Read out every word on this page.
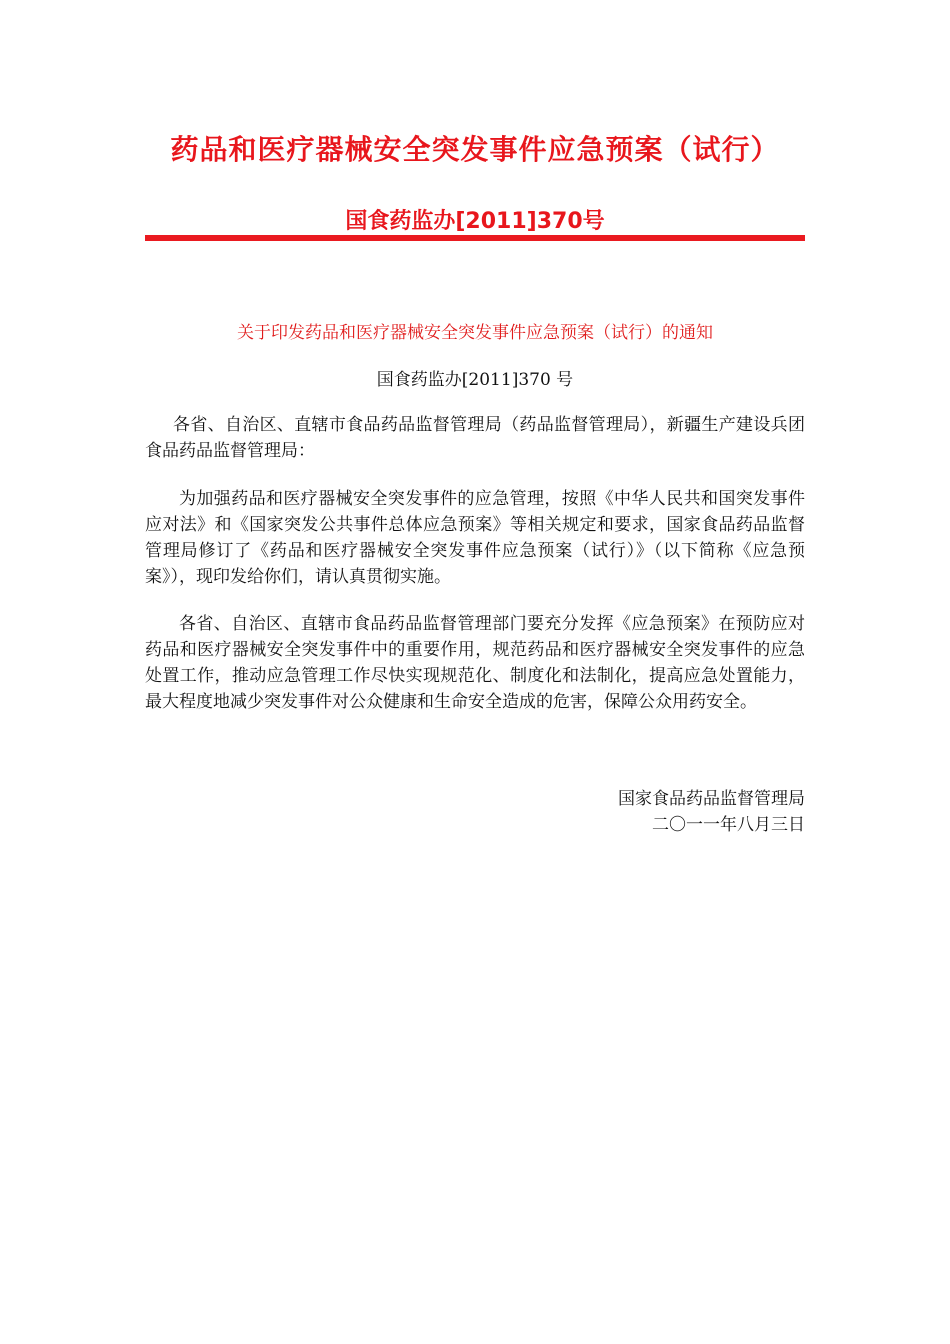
药品和医疗器械安全突发事件应急预案（试行）

国食药监办[2011]370号

关于印发药品和医疗器械安全突发事件应急预案（试行）的通知

国食药监办[2011]370 号

各省、自治区、直辖市食品药品监督管理局（药品监督管理局），新疆生产建设兵团食品药品监督管理局：

为加强药品和医疗器械安全突发事件的应急管理，按照《中华人民共和国突发事件应对法》和《国家突发公共事件总体应急预案》等相关规定和要求，国家食品药品监督管理局修订了《药品和医疗器械安全突发事件应急预案（试行）》（以下简称《应急预案》），现印发给你们，请认真贯彻实施。

各省、自治区、直辖市食品药品监督管理部门要充分发挥《应急预案》在预防应对药品和医疗器械安全突发事件中的重要作用，规范药品和医疗器械安全突发事件的应急处置工作，推动应急管理工作尽快实现规范化、制度化和法制化，提高应急处置能力，最大程度地减少突发事件对公众健康和生命安全造成的危害，保障公众用药安全。

国家食品药品监督管理局

二〇一一年八月三日
